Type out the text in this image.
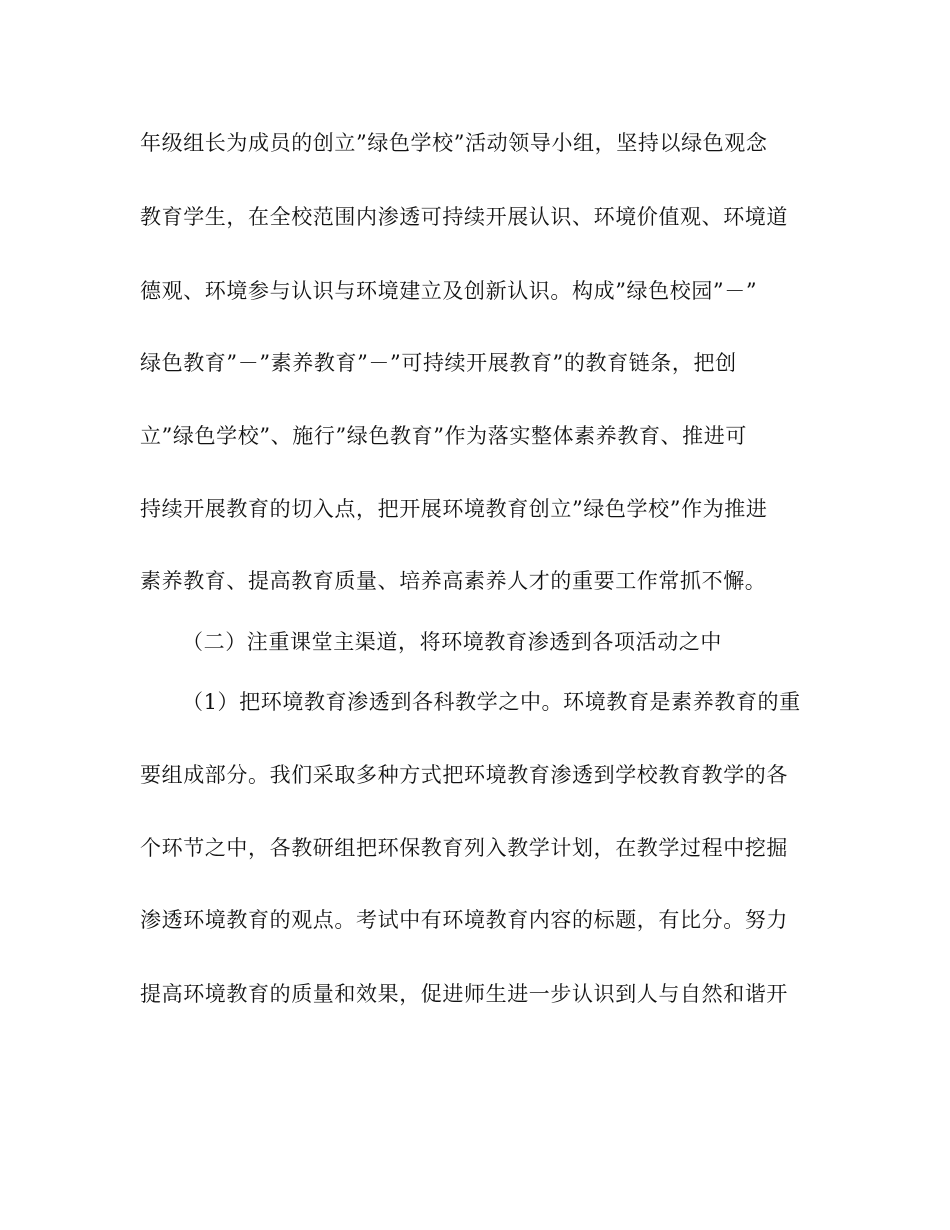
年级组长为成员的创立”绿色学校”活动领导小组，坚持以绿色观念
教育学生，在全校范围内渗透可持续开展认识、环境价值观、环境道
德观、环境参与认识与环境建立及创新认识。构成”绿色校园”－”
绿色教育”－”素养教育”－”可持续开展教育”的教育链条，把创
立”绿色学校”、施行”绿色教育”作为落实整体素养教育、推进可
持续开展教育的切入点，把开展环境教育创立”绿色学校”作为推进
素养教育、提高教育质量、培养高素养人才的重要工作常抓不懈。
（二）注重课堂主渠道，将环境教育渗透到各项活动之中
（1）把环境教育渗透到各科教学之中。环境教育是素养教育的重
要组成部分。我们采取多种方式把环境教育渗透到学校教育教学的各
个环节之中，各教研组把环保教育列入教学计划，在教学过程中挖掘
渗透环境教育的观点。考试中有环境教育内容的标题，有比分。努力
提高环境教育的质量和效果，促进师生进一步认识到人与自然和谐开
